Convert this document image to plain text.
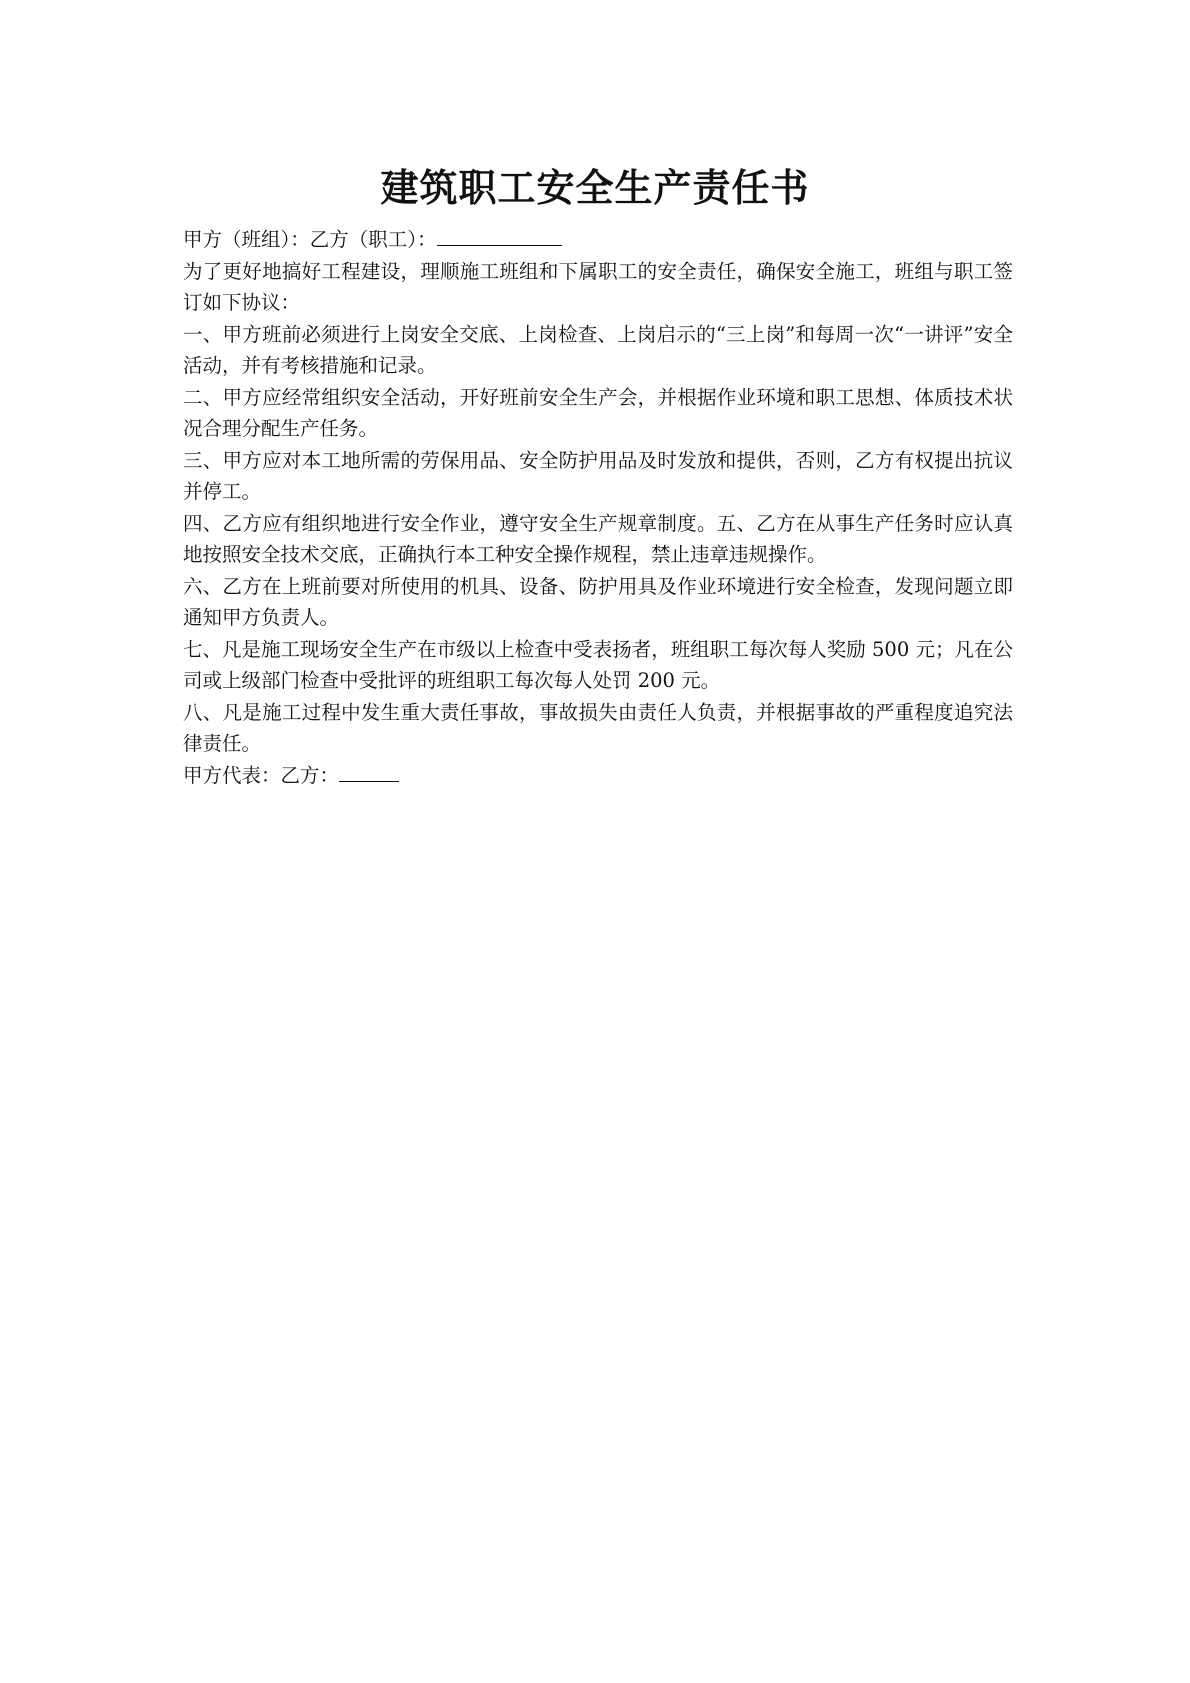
建筑职工安全生产责任书

甲方（班组）：乙方（职工）：

为了更好地搞好工程建设，理顺施工班组和下属职工的安全责任，确保安全施工，班组与职工签订如下协议：

一、甲方班前必须进行上岗安全交底、上岗检查、上岗启示的“三上岗”和每周一次“一讲评”安全活动，并有考核措施和记录。

二、甲方应经常组织安全活动，开好班前安全生产会，并根据作业环境和职工思想、体质技术状况合理分配生产任务。

三、甲方应对本工地所需的劳保用品、安全防护用品及时发放和提供，否则，乙方有权提出抗议并停工。

四、乙方应有组织地进行安全作业，遵守安全生产规章制度。五、乙方在从事生产任务时应认真地按照安全技术交底，正确执行本工种安全操作规程，禁止违章违规操作。

六、乙方在上班前要对所使用的机具、设备、防护用具及作业环境进行安全检查，发现问题立即通知甲方负责人。

七、凡是施工现场安全生产在市级以上检查中受表扬者，班组职工每次每人奖励 500 元；凡在公司或上级部门检查中受批评的班组职工每次每人处罚 200 元。

八、凡是施工过程中发生重大责任事故，事故损失由责任人负责，并根据事故的严重程度追究法律责任。

甲方代表：乙方：
